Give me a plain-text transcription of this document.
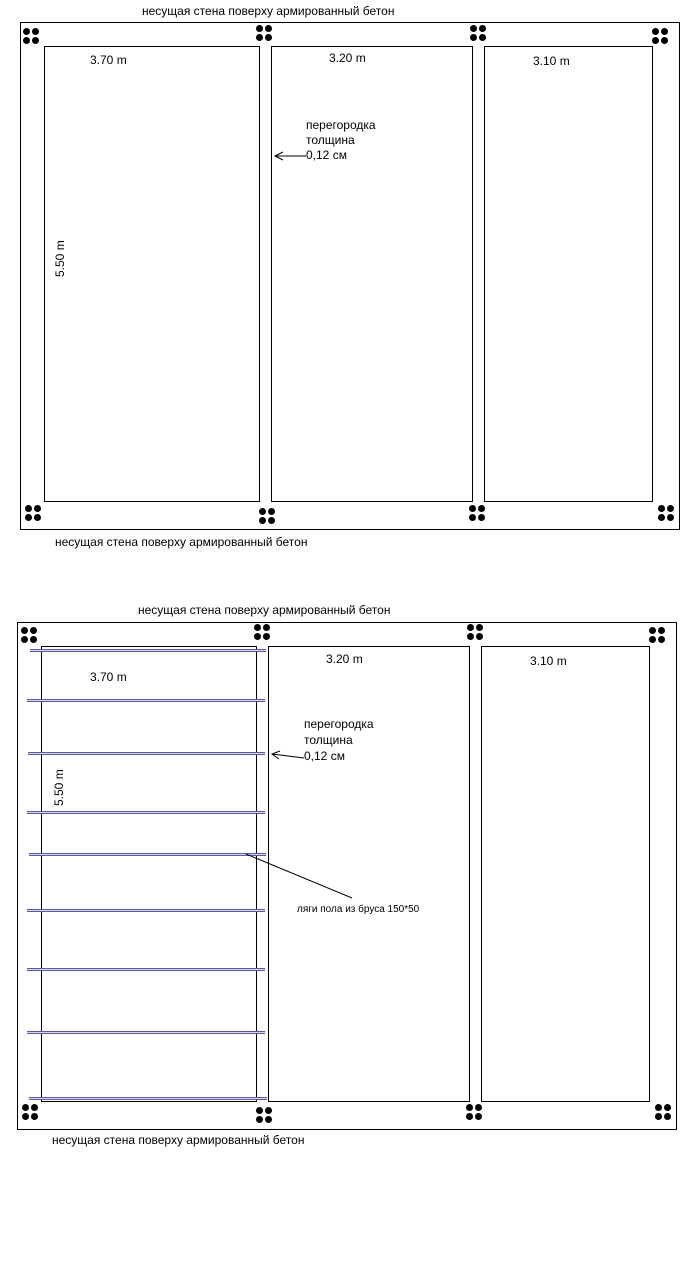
несущая стена поверху армированный бетон
3.70 m	3.20 m	3.10 m
5.50 m
перегородка
толщина
0,12 см
несущая стена поверху армированный бетон
несущая стена поверху армированный бетон
3.70 m
3.20 m	3.10 m
5.50 m
перегородка
толщина
0,12 см
ляги пола из бруса 150*50
несущая стена поверху армированный бетон
